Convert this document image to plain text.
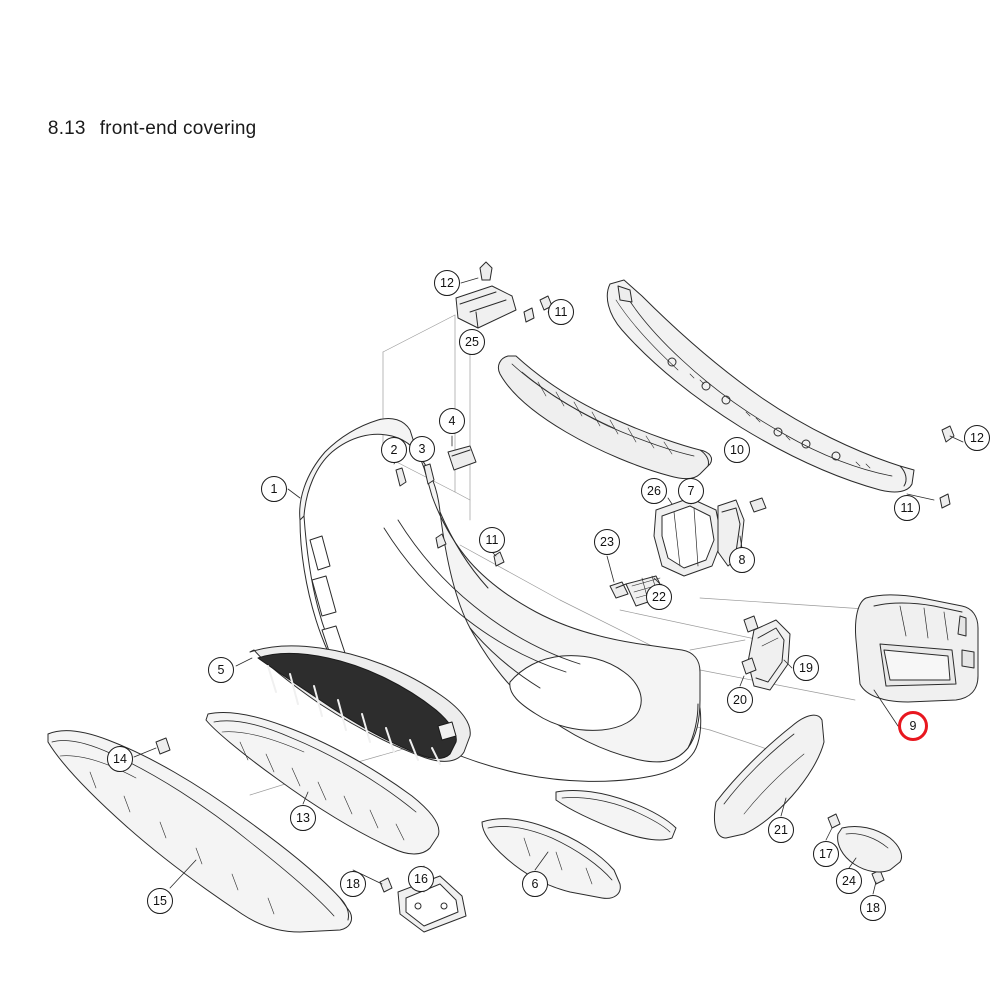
8.13 front-end covering

12
11
25
4
12
2	3	10
1	26	7
11
11	23
8
22
5	19
20
9
14
13
21
17
18	16	6	24
15	18
